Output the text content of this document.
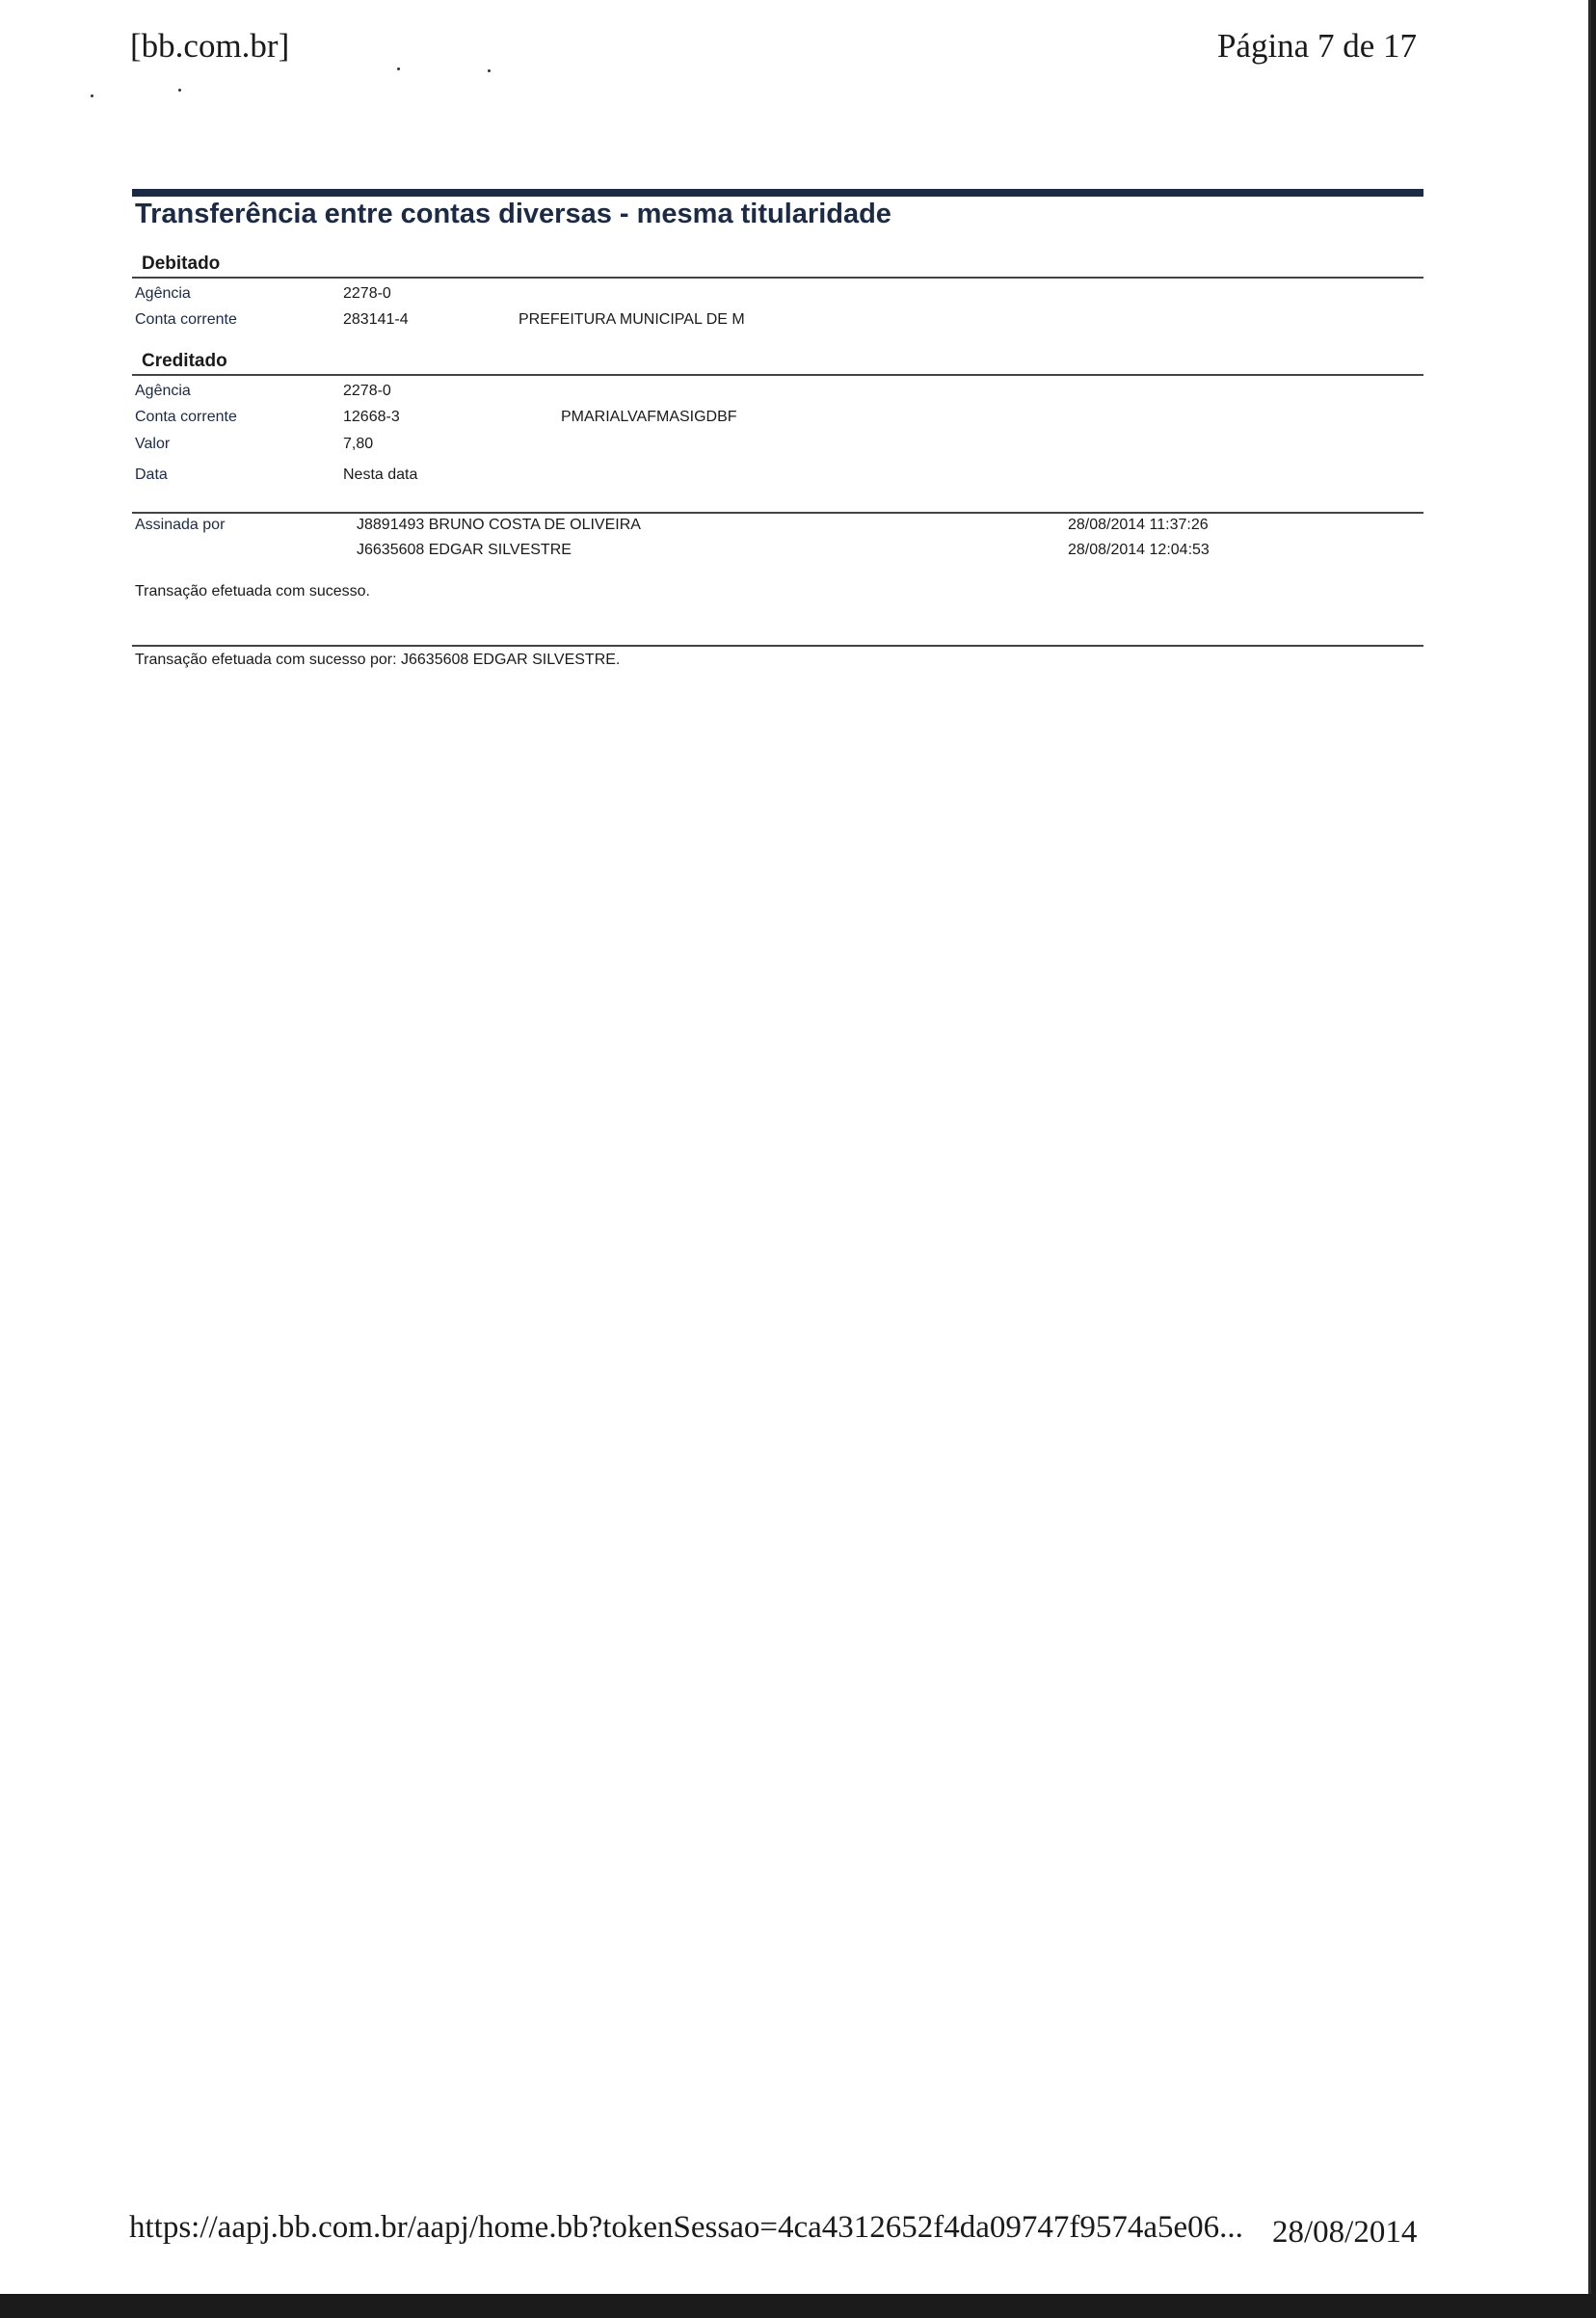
[bb.com.br]	Página 7 de 17
Transferência entre contas diversas - mesma titularidade
Debitado
Agência	2278-0
Conta corrente	283141-4	PREFEITURA MUNICIPAL DE M
Creditado
Agência	2278-0
Conta corrente	12668-3	PMARIALVAFMASIGDBF
Valor	7,80
Data	Nesta data
Assinada por	J8891493 BRUNO COSTA DE OLIVEIRA	28/08/2014 11:37:26
J6635608 EDGAR SILVESTRE	28/08/2014 12:04:53
Transação efetuada com sucesso.
Transação efetuada com sucesso por: J6635608 EDGAR SILVESTRE.
https://aapj.bb.com.br/aapj/home.bb?tokenSessao=4ca4312652f4da09747f9574a5e06... 28/08/2014
